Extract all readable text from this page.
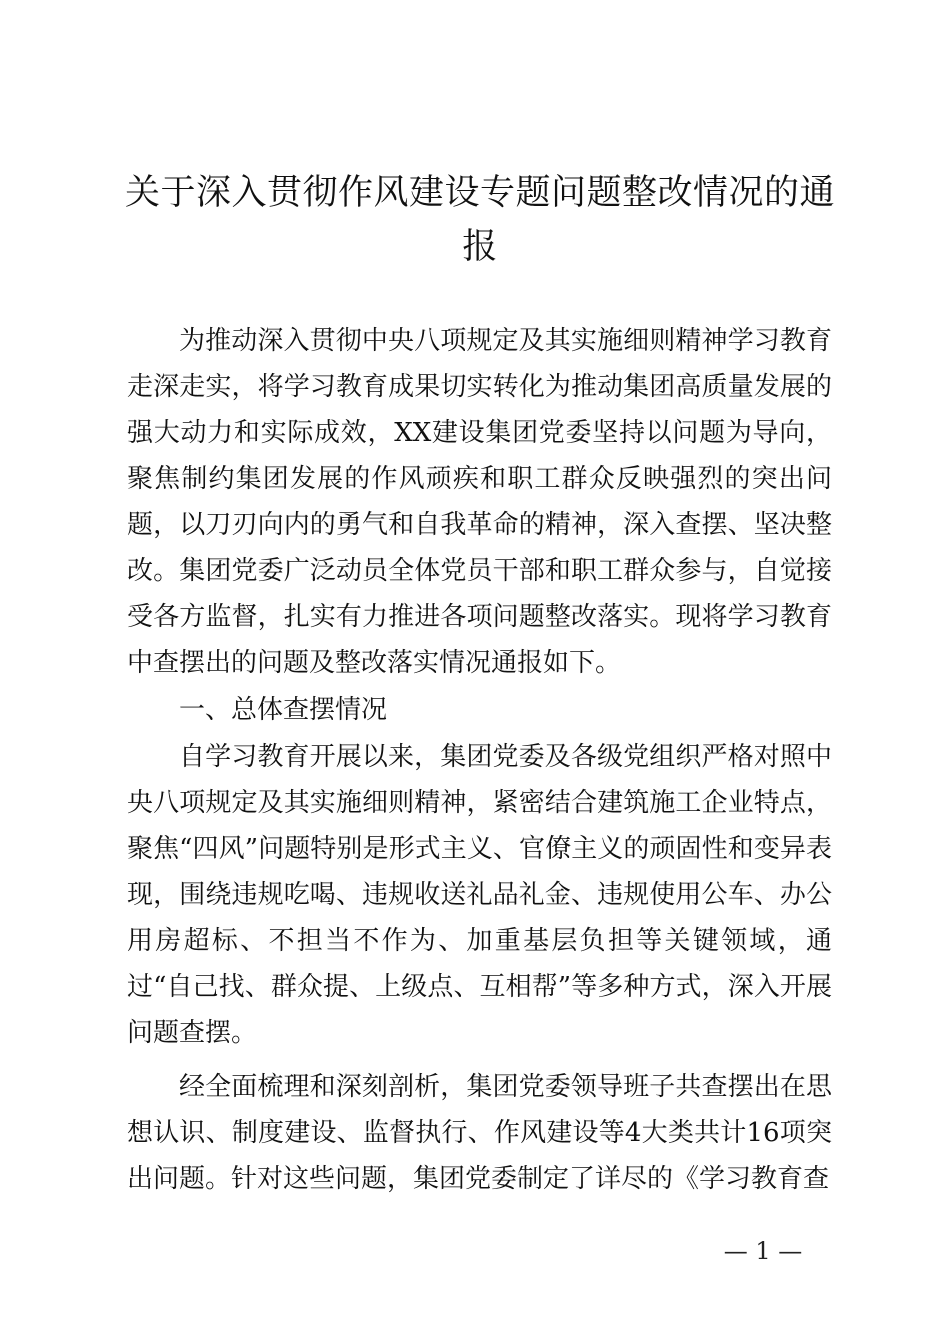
关于深入贯彻作风建设专题问题整改情况的通报

为推动深入贯彻中央八项规定及其实施细则精神学习教育走深走实，将学习教育成果切实转化为推动集团高质量发展的强大动力和实际成效，XX建设集团党委坚持以问题为导向，聚焦制约集团发展的作风顽疾和职工群众反映强烈的突出问题，以刀刃向内的勇气和自我革命的精神，深入查摆、坚决整改。集团党委广泛动员全体党员干部和职工群众参与，自觉接受各方监督，扎实有力推进各项问题整改落实。现将学习教育中查摆出的问题及整改落实情况通报如下。

一、总体查摆情况

自学习教育开展以来，集团党委及各级党组织严格对照中央八项规定及其实施细则精神，紧密结合建筑施工企业特点，聚焦“四风”问题特别是形式主义、官僚主义的顽固性和变异表现，围绕违规吃喝、违规收送礼品礼金、违规使用公车、办公用房超标、不担当不作为、加重基层负担等关键领域，通过“自己找、群众提、上级点、互相帮”等多种方式，深入开展问题查摆。

经全面梳理和深刻剖析，集团党委领导班子共查摆出在思想认识、制度建设、监督执行、作风建设等4大类共计16项突出问题。针对这些问题，集团党委制定了详尽的《学习教育查

— 1 —
